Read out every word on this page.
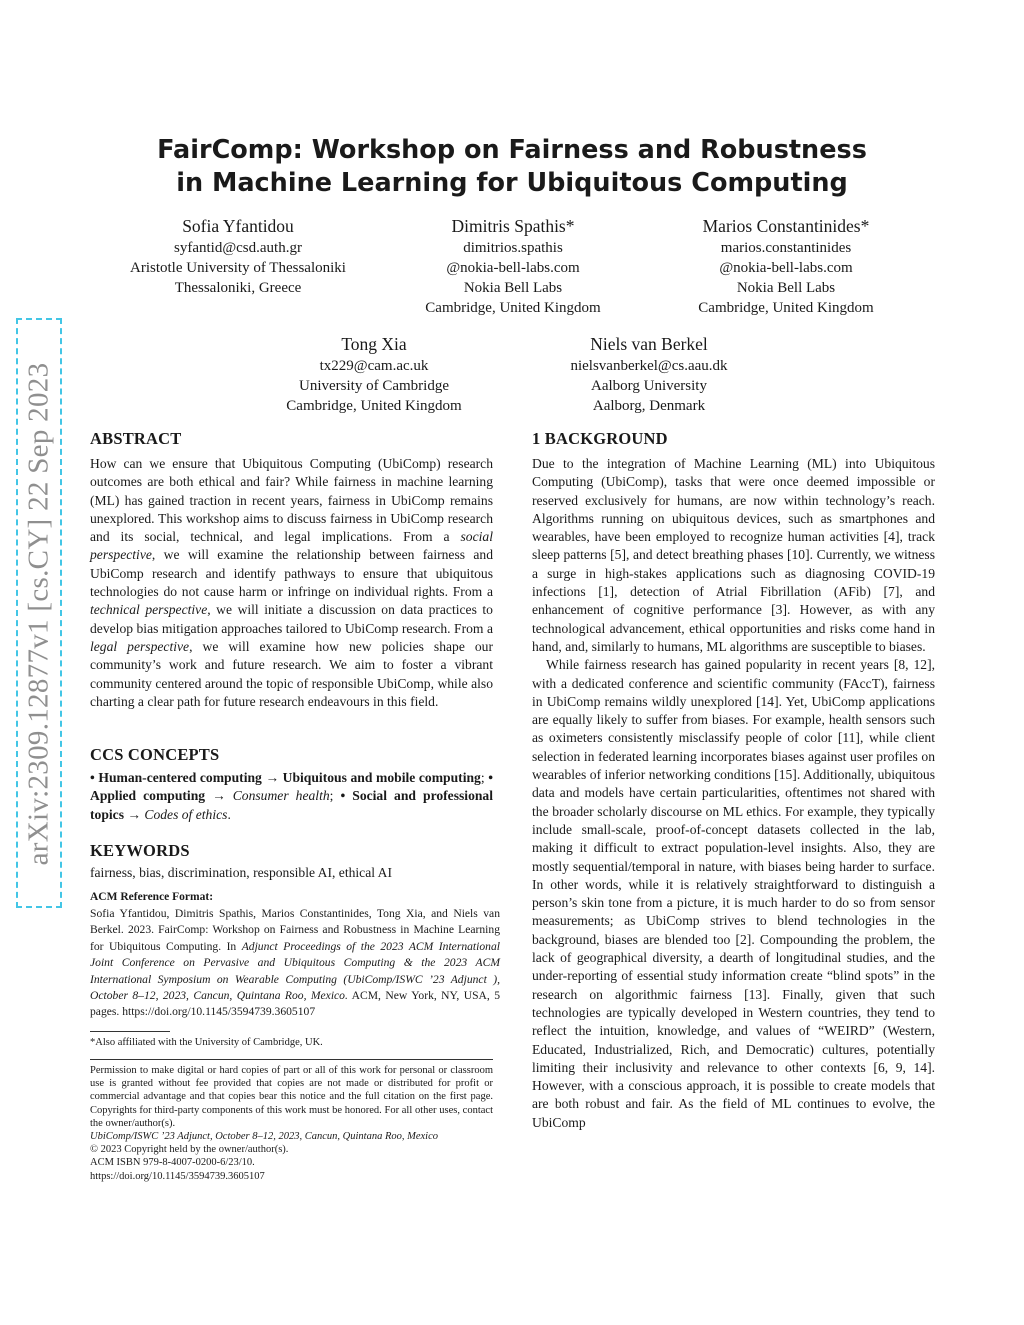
arXiv:2309.12877v1 [cs.CY] 22 Sep 2023
FairComp: Workshop on Fairness and Robustness
in Machine Learning for Ubiquitous Computing
Sofia Yfantidou
syfantid@csd.auth.gr
Aristotle University of Thessaloniki
Thessaloniki, Greece
Dimitris Spathis*
dimitrios.spathis
@nokia-bell-labs.com
Nokia Bell Labs
Cambridge, United Kingdom
Marios Constantinides*
marios.constantinides
@nokia-bell-labs.com
Nokia Bell Labs
Cambridge, United Kingdom
Tong Xia
tx229@cam.ac.uk
University of Cambridge
Cambridge, United Kingdom
Niels van Berkel
nielsvanberkel@cs.aau.dk
Aalborg University
Aalborg, Denmark
ABSTRACT

How can we ensure that Ubiquitous Computing (UbiComp) research outcomes are both ethical and fair? While fairness in machine learning (ML) has gained traction in recent years, fairness in UbiComp remains unexplored. This workshop aims to discuss fairness in UbiComp research and its social, technical, and legal implications. From a social perspective, we will examine the relationship between fairness and UbiComp research and identify pathways to ensure that ubiquitous technologies do not cause harm or infringe on individual rights. From a technical perspective, we will initiate a discussion on data practices to develop bias mitigation approaches tailored to UbiComp research. From a legal perspective, we will examine how new policies shape our community’s work and future research. We aim to foster a vibrant community centered around the topic of responsible UbiComp, while also charting a clear path for future research endeavours in this field.

CCS CONCEPTS

• Human-centered computing → Ubiquitous and mobile computing; • Applied computing → Consumer health; • Social and professional topics → Codes of ethics.

KEYWORDS
fairness, bias, discrimination, responsible AI, ethical AI
ACM Reference Format:

Sofia Yfantidou, Dimitris Spathis, Marios Constantinides, Tong Xia, and Niels van Berkel. 2023. FairComp: Workshop on Fairness and Robustness in Machine Learning for Ubiquitous Computing. In Adjunct Proceedings of the 2023 ACM International Joint Conference on Pervasive and Ubiquitous Computing & the 2023 ACM International Symposium on Wearable Computing (UbiComp/ISWC ’23 Adjunct ), October 8–12, 2023, Cancun, Quintana Roo, Mexico. ACM, New York, NY, USA, 5 pages. https://doi.org/10.1145/3594739.3605107

*Also affiliated with the University of Cambridge, UK.

Permission to make digital or hard copies of part or all of this work for personal or classroom use is granted without fee provided that copies are not made or distributed for profit or commercial advantage and that copies bear this notice and the full citation on the first page. Copyrights for third-party components of this work must be honored. For all other uses, contact the owner/author(s).

UbiComp/ISWC ’23 Adjunct, October 8–12, 2023, Cancun, Quintana Roo, Mexico

© 2023 Copyright held by the owner/author(s).

ACM ISBN 979-8-4007-0200-6/23/10.

https://doi.org/10.1145/3594739.3605107

1 BACKGROUND

Due to the integration of Machine Learning (ML) into Ubiquitous Computing (UbiComp), tasks that were once deemed impossible or reserved exclusively for humans, are now within technology’s reach. Algorithms running on ubiquitous devices, such as smartphones and wearables, have been employed to recognize human activities [4], track sleep patterns [5], and detect breathing phases [10]. Currently, we witness a surge in high-stakes applications such as diagnosing COVID-19 infections [1], detection of Atrial Fibrillation (AFib) [7], and enhancement of cognitive performance [3]. However, as with any technological advancement, ethical opportunities and risks come hand in hand, and, similarly to humans, ML algorithms are susceptible to biases.

While fairness research has gained popularity in recent years [8, 12], with a dedicated conference and scientific community (FAccT), fairness in UbiComp remains wildly unexplored [14]. Yet, UbiComp applications are equally likely to suffer from biases. For example, health sensors such as oximeters consistently misclassify people of color [11], while client selection in federated learning incorporates biases against user profiles on wearables of inferior networking conditions [15]. Additionally, ubiquitous data and models have certain particularities, oftentimes not shared with the broader scholarly discourse on ML ethics. For example, they typically include small-scale, proof-of-concept datasets collected in the lab, making it difficult to extract population-level insights. Also, they are mostly sequential/temporal in nature, with biases being harder to surface. In other words, while it is relatively straightforward to distinguish a person’s skin tone from a picture, it is much harder to do so from sensor measurements; as UbiComp strives to blend technologies in the background, biases are blended too [2]. Compounding the problem, the lack of geographical diversity, a dearth of longitudinal studies, and the under-reporting of essential study information create “blind spots” in the research on algorithmic fairness [13]. Finally, given that such technologies are typically developed in Western countries, they tend to reflect the intuition, knowledge, and values of “WEIRD” (Western, Educated, Industrialized, Rich, and Democratic) cultures, potentially limiting their inclusivity and relevance to other contexts [6, 9, 14]. However, with a conscious approach, it is possible to create models that are both robust and fair. As the field of ML continues to evolve, the UbiComp
